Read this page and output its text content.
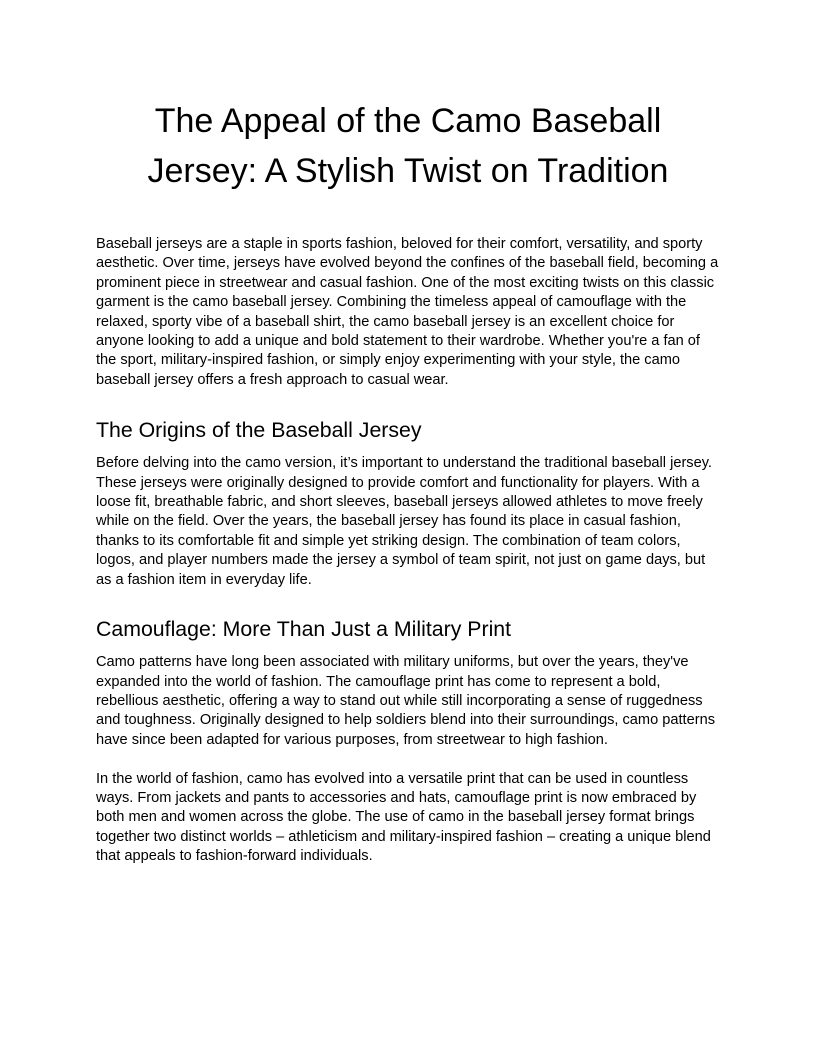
The Appeal of the Camo Baseball Jersey: A Stylish Twist on Tradition

Baseball jerseys are a staple in sports fashion, beloved for their comfort, versatility, and sporty aesthetic. Over time, jerseys have evolved beyond the confines of the baseball field, becoming a prominent piece in streetwear and casual fashion. One of the most exciting twists on this classic garment is the camo baseball jersey. Combining the timeless appeal of camouflage with the relaxed, sporty vibe of a baseball shirt, the camo baseball jersey is an excellent choice for anyone looking to add a unique and bold statement to their wardrobe. Whether you're a fan of the sport, military-inspired fashion, or simply enjoy experimenting with your style, the camo baseball jersey offers a fresh approach to casual wear.

The Origins of the Baseball Jersey

Before delving into the camo version, it’s important to understand the traditional baseball jersey. These jerseys were originally designed to provide comfort and functionality for players. With a loose fit, breathable fabric, and short sleeves, baseball jerseys allowed athletes to move freely while on the field. Over the years, the baseball jersey has found its place in casual fashion, thanks to its comfortable fit and simple yet striking design. The combination of team colors, logos, and player numbers made the jersey a symbol of team spirit, not just on game days, but as a fashion item in everyday life.

Camouflage: More Than Just a Military Print

Camo patterns have long been associated with military uniforms, but over the years, they've expanded into the world of fashion. The camouflage print has come to represent a bold, rebellious aesthetic, offering a way to stand out while still incorporating a sense of ruggedness and toughness. Originally designed to help soldiers blend into their surroundings, camo patterns have since been adapted for various purposes, from streetwear to high fashion.

In the world of fashion, camo has evolved into a versatile print that can be used in countless ways. From jackets and pants to accessories and hats, camouflage print is now embraced by both men and women across the globe. The use of camo in the baseball jersey format brings together two distinct worlds – athleticism and military-inspired fashion – creating a unique blend that appeals to fashion-forward individuals.
